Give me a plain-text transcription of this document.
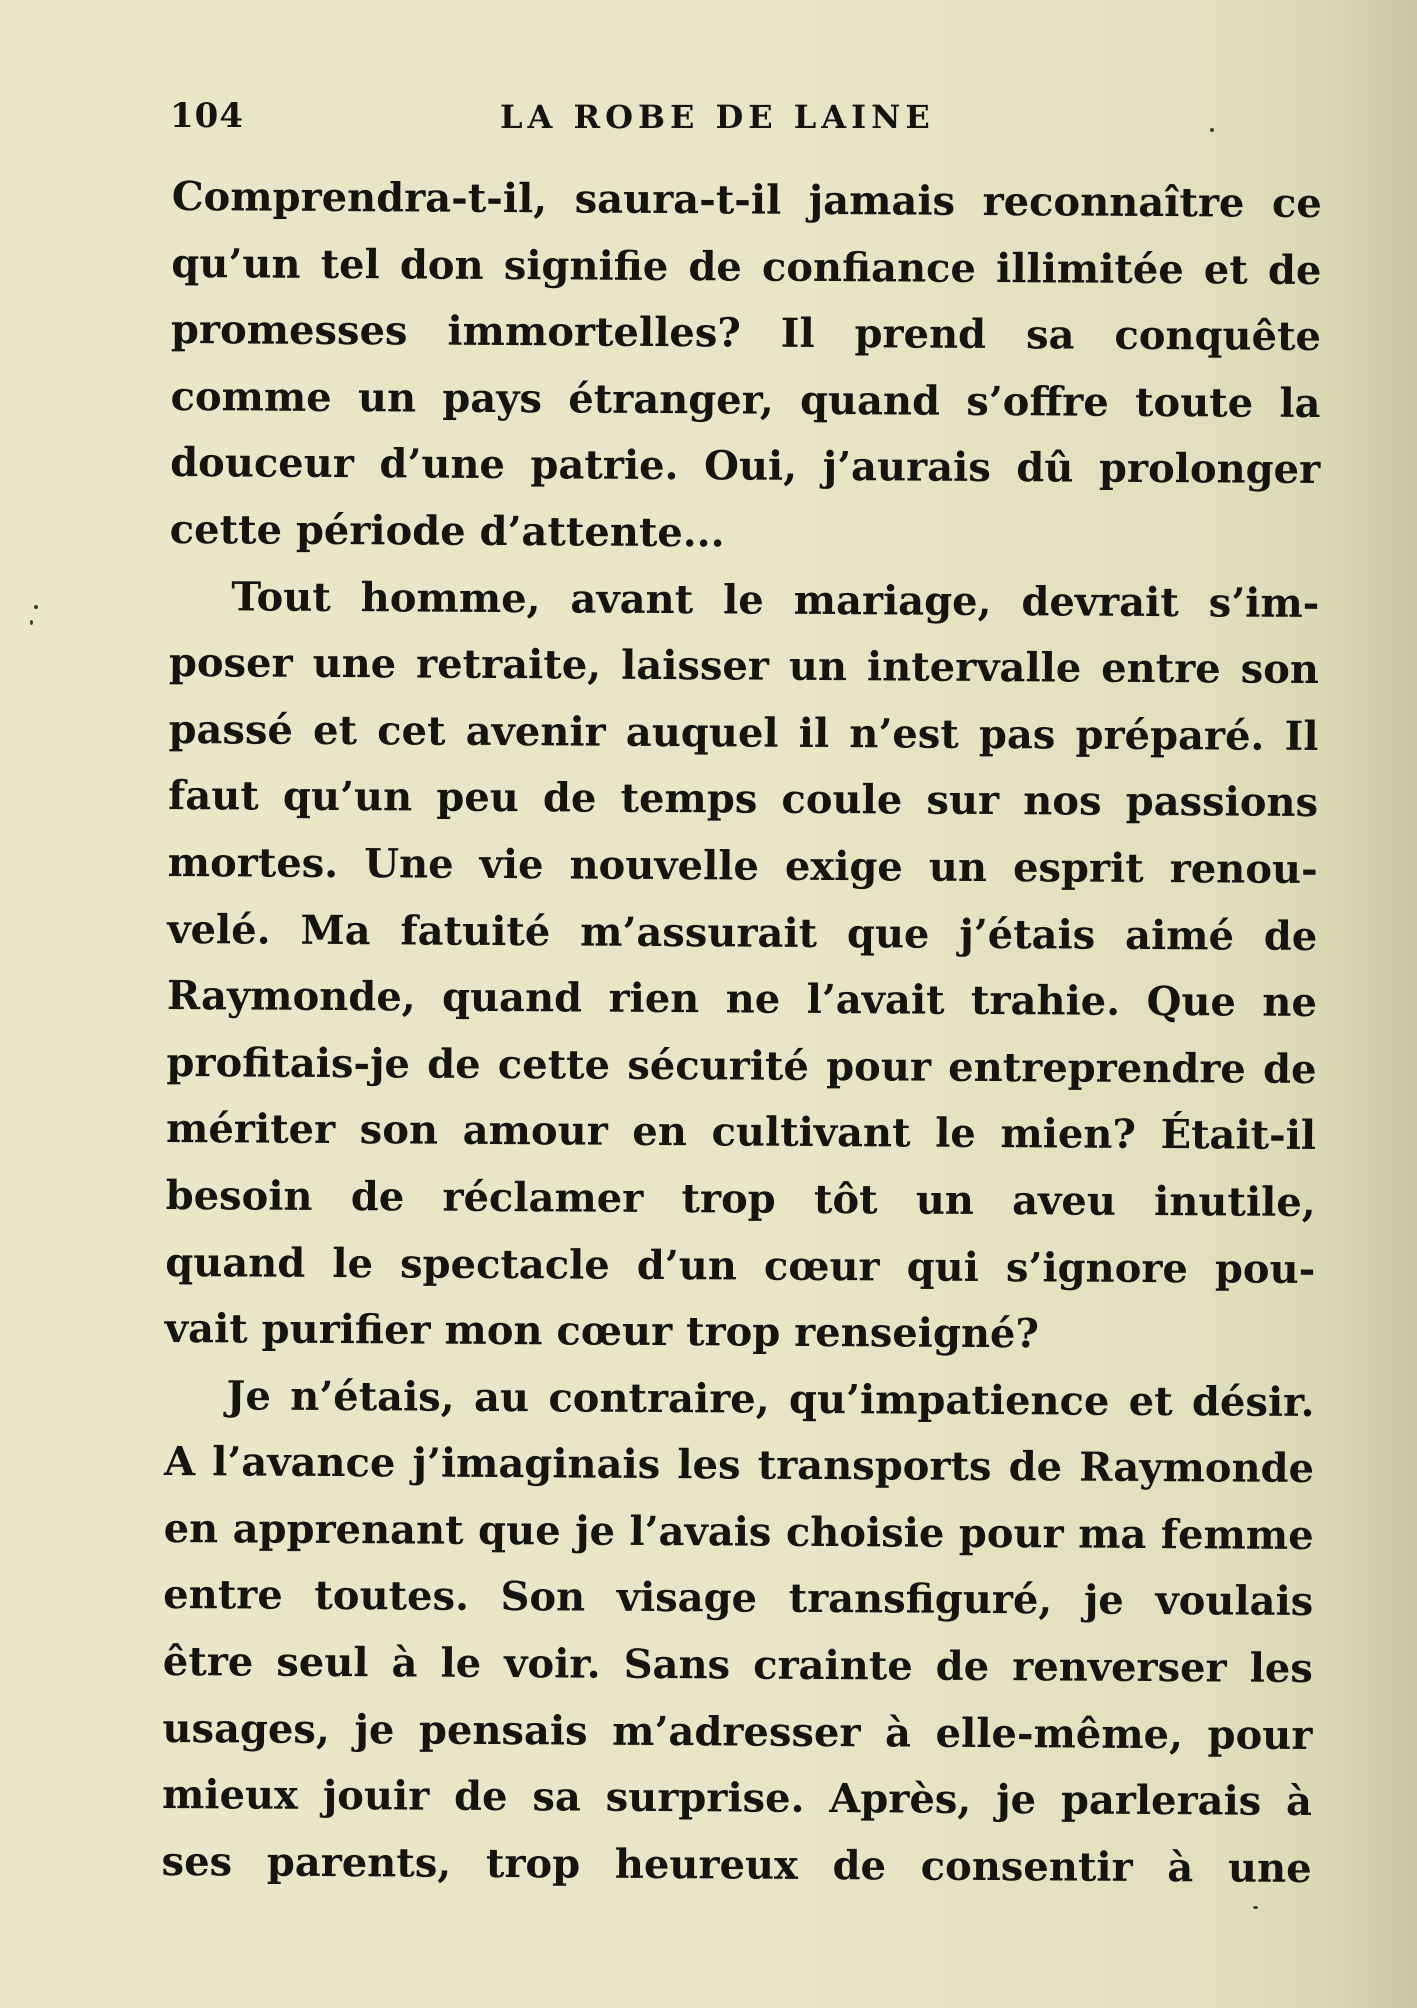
104	LA ROBE DE LAINE
Comprendra-t-il, saura-t-il jamais reconnaître ce
qu’un tel don signifie de confiance illimitée et de
promesses immortelles? Il prend sa conquête
comme un pays étranger, quand s’offre toute la
douceur d’une patrie. Oui, j’aurais dû prolonger
cette période d’attente...
Tout homme, avant le mariage, devrait s’im-
poser une retraite, laisser un intervalle entre son
passé et cet avenir auquel il n’est pas préparé. Il
faut qu’un peu de temps coule sur nos passions
mortes. Une vie nouvelle exige un esprit renou-
velé. Ma fatuité m’assurait que j’étais aimé de
Raymonde, quand rien ne l’avait trahie. Que ne
profitais-je de cette sécurité pour entreprendre de
mériter son amour en cultivant le mien? Était-il
besoin de réclamer trop tôt un aveu inutile,
quand le spectacle d’un cœur qui s’ignore pou-
vait purifier mon cœur trop renseigné?
Je n’étais, au contraire, qu’impatience et désir.
A l’avance j’imaginais les transports de Raymonde
en apprenant que je l’avais choisie pour ma femme
entre toutes. Son visage transfiguré, je voulais
être seul à le voir. Sans crainte de renverser les
usages, je pensais m’adresser à elle-même, pour
mieux jouir de sa surprise. Après, je parlerais à
ses parents, trop heureux de consentir à une
